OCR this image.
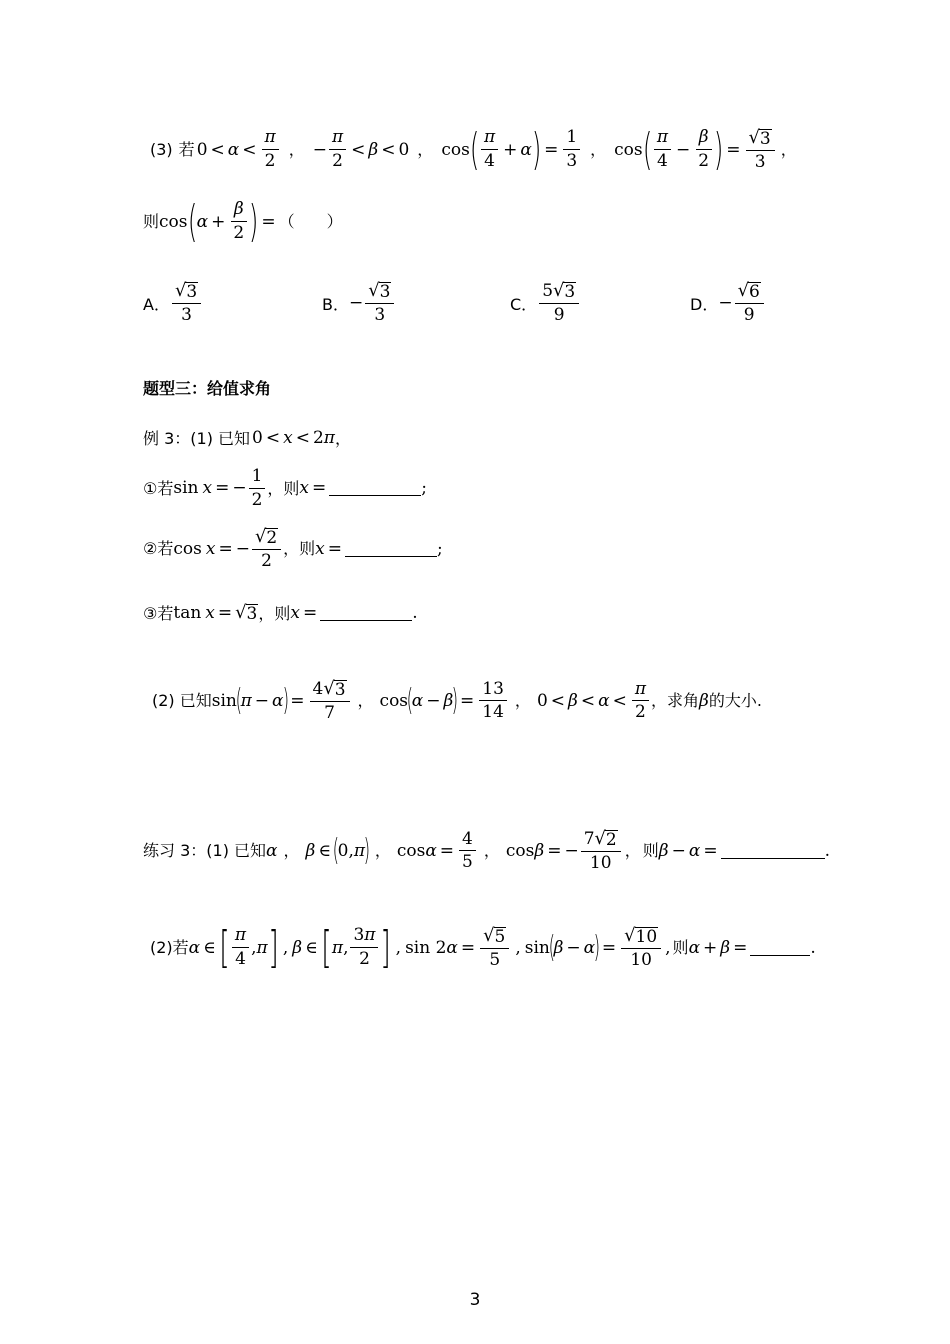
(3) 若 $0 < \alpha < \frac{\pi}{2}$ ， − $\frac{\pi}{2} < \beta < 0$ ， cos ( $\frac{\pi}{4} + \alpha$ ) = $\frac{1}{3}$ ， cos ( $\frac{\pi}{4} - \frac{\beta}{2}$ ) = $\frac{√ 3}{3}$ ，
则 cos ( $\alpha + \frac{\beta}{2}$ ) = （　　）
A． $\frac{√ 3}{3}$	B． − $\frac{√ 3}{3}$	C． $\frac{5 √ 3}{9}$	D． − $\frac{√ 6}{9}$
题型三：给值求角
例 3：(1) 已知 0 < x < 2π ，
①若 sin x = − $\frac{1}{2}$ ，则 x =	;
②若 cos x = − $\frac{√ 2}{2}$ ，则 x =	;
③若 tan x = √ 3 ，则 x =	.
(2) 已知 sin
(
π − α
) = $\frac{4 √ 3}{7}$ ， cos
(
α − β
) = $\frac{13}{14}$ ， $0 < \beta < \alpha < \frac{\pi}{2}$ ，求角 β 的大小.
练习 3：(1) 已知 α ， β ∈ (
0, π
) ， $\cos \alpha = \frac{4}{5}$ ， cos β = − $\frac{7 √ 2}{10}$ ， 则 β − α =	.
(2)若 α ∈ [ $\frac{\pi}{4}$ , π ] , β ∈ [ π , $\frac{3\pi}{2}$ ] , sin 2 $\alpha = \frac{√ 5}{5}$ , sin
(
β − α
) = $\frac{√ 10}{10}$ , 则 α + β =	.
3
